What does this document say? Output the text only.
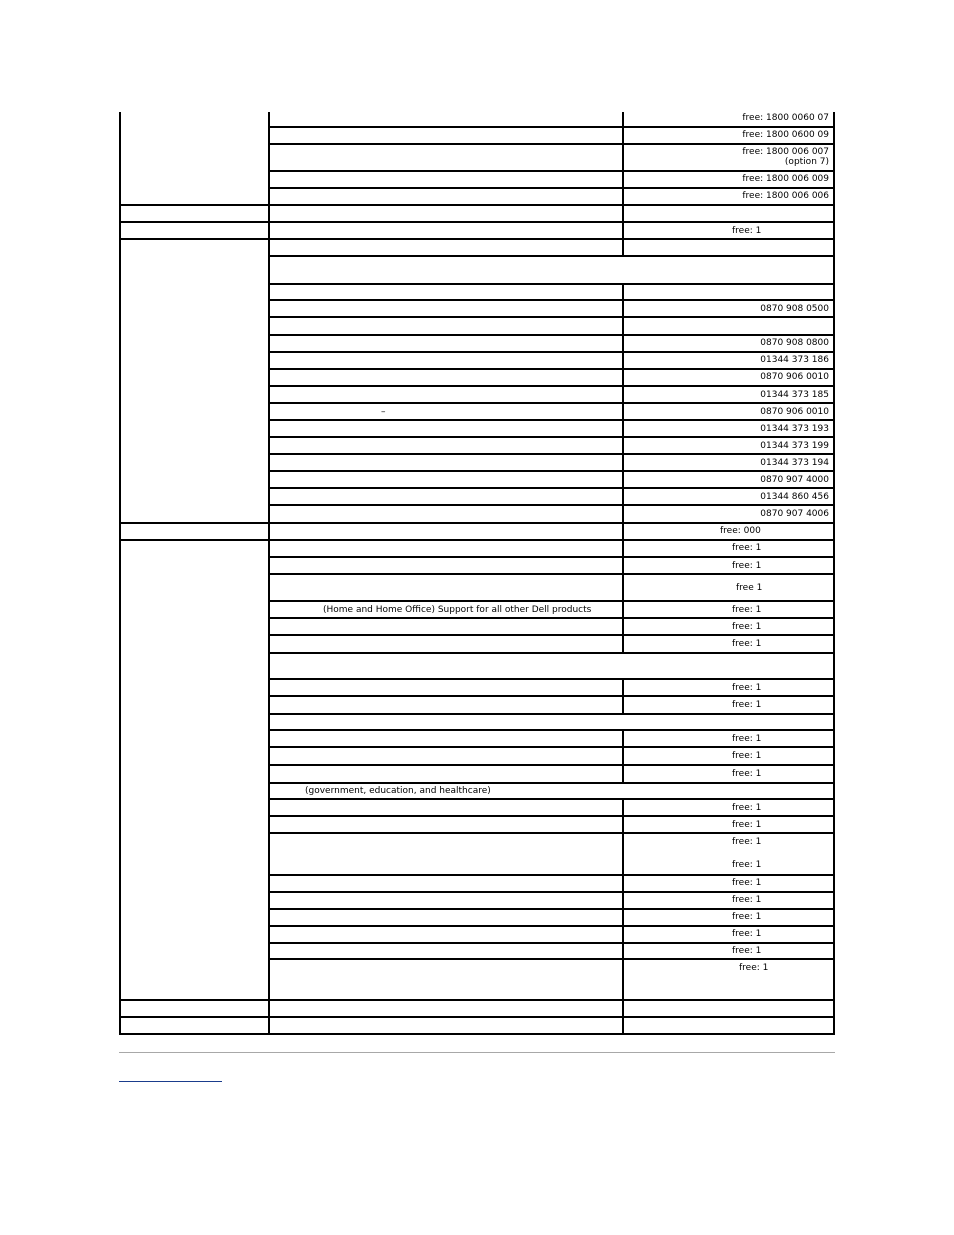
free: 1800 0060 07
free: 1800 0600 09
free: 1800 006 007
(option 7)
free: 1800 006 009
free: 1800 006 006
free: 1
0870 908 0500
0870 908 0800
01344 373 186
0870 906 0010
01344 373 185
–	0870 906 0010
01344 373 193
01344 373 199
01344 373 194
0870 907 4000
01344 860 456
0870 907 4006
free: 000
free: 1
free: 1
free 1
(Home and Home Office) Support for all other Dell products	free: 1
free: 1
free: 1
free: 1
free: 1
free: 1
free: 1
free: 1
(government, education, and healthcare)
free: 1
free: 1
free: 1
free: 1
free: 1
free: 1
free: 1
free: 1
free: 1
free: 1
